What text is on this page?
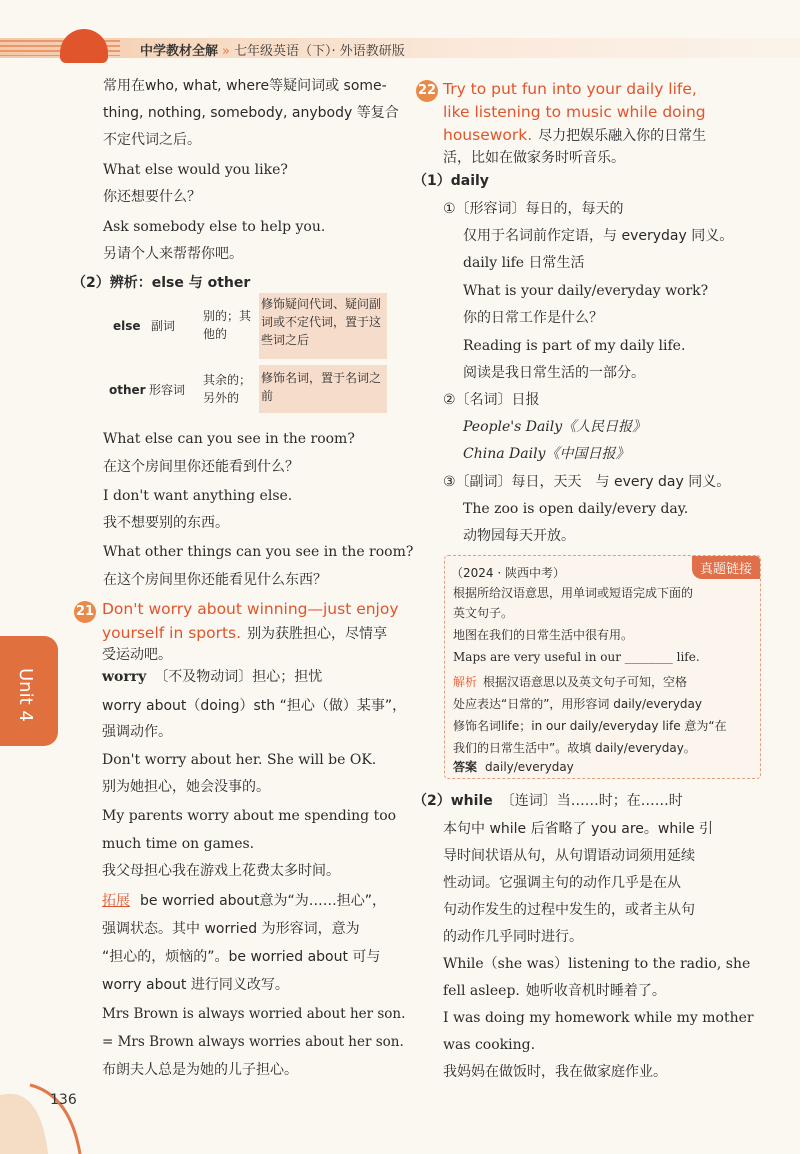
中学教材全解 » 七年级英语（下）· 外语教研版
常用在who, what, where等疑问词或 some-
thing, nothing, somebody, anybody 等复合
不定代词之后。
What else would you like?
你还想要什么？
Ask somebody else to help you.
另请个人来帮帮你吧。
（2）辨析：else 与 other
else 副词
别的；其他的
修饰疑问代词、疑问副词或不定代词，置于这些词之后
other 形容词
其余的；另外的
修饰名词，置于名词之前
What else can you see in the room?
在这个房间里你还能看到什么？
I don't want anything else.
我不想要别的东西。
What other things can you see in the room?
在这个房间里你还能看见什么东西？
21 Don't worry about winning—just enjoy
yourself in sports. 别为获胜担心，尽情享
受运动吧。
worry 〔不及物动词〕担心；担忧
worry about（doing）sth “担心（做）某事”，
强调动作。
Don't worry about her. She will be OK.
别为她担心，她会没事的。
My parents worry about me spending too
much time on games.
我父母担心我在游戏上花费太多时间。
拓展 be worried about意为“为……担心”，
强调状态。其中 worried 为形容词，意为
“担心的，烦恼的”。be worried about 可与
worry about 进行同义改写。
Mrs Brown is always worried about her son.
= Mrs Brown always worries about her son.
布朗夫人总是为她的儿子担心。
22 Try to put fun into your daily life,
like listening to music while doing
housework. 尽力把娱乐融入你的日常生
活，比如在做家务时听音乐。
（1）daily
①〔形容词〕每日的，每天的
仅用于名词前作定语，与 everyday 同义。
daily life 日常生活
What is your daily/everyday work?
你的日常工作是什么？
Reading is part of my daily life.
阅读是我日常生活的一部分。
②〔名词〕日报
People's Daily《人民日报》
China Daily《中国日报》
③〔副词〕每日，天天　与 every day 同义。
The zoo is open daily/every day.
动物园每天开放。
真题链接
（2024 · 陕西中考）
根据所给汉语意思，用单词或短语完成下面的
英文句子。
地图在我们的日常生活中很有用。
Maps are very useful in our ________ life.
解析 根据汉语意思以及英文句子可知，空格
处应表达“日常的”，用形容词 daily/everyday
修饰名词life；in our daily/everyday life 意为“在
我们的日常生活中”。故填 daily/everyday。
答案 daily/everyday
（2）while 〔连词〕当……时；在……时
本句中 while 后省略了 you are。while 引
导时间状语从句，从句谓语动词须用延续
性动词。它强调主句的动作几乎是在从
句动作发生的过程中发生的，或者主从句
的动作几乎同时进行。
While（she was）listening to the radio, she
fell asleep. 她听收音机时睡着了。
I was doing my homework while my mother
was cooking.
我妈妈在做饭时，我在做家庭作业。
Unit 4
136
